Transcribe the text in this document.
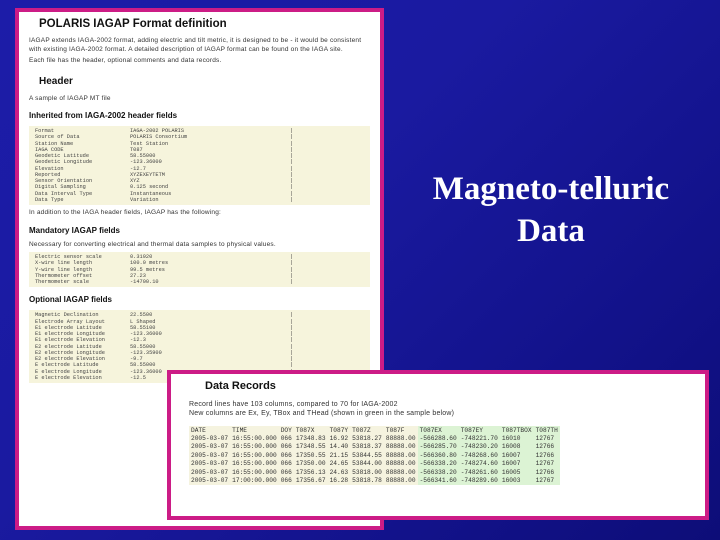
POLARIS IAGAP Format definition

IAGAP extends IAGA-2002 format, adding electric and tilt metric, it is designed to be - it would be consistent with existing IAGA-2002 format. A detailed description of IAGAP format can be found on the IAGA site.

Each file has the header, optional comments and data records.

Header

A sample of IAGAP MT file

Inherited from IAGA-2002 header fields
Format	IAGA-2002 POLARIS	|
Source of Data	POLARIS Consortium	|
Station Name	Test Station	|
IAGA CODE	T087	|
Geodetic Latitude	58.55000	|
Geodetic Longitude	-123.36000	|
Elevation	-12.7	|
Reported	XYZEXEYTETM	|
Sensor Orientation	XYZ	|
Digital Sampling	0.125 second	|
Data Interval Type	Instantaneous	|
Data Type	Variation	|

In addition to the IAGA header fields, IAGAP has the following:

Mandatory IAGAP fields

Necessary for converting electrical and thermal data samples to physical values.

Electric sensor scale	0.31920	|
X-wire line length	100.0 metres	|
Y-wire line length	99.5 metres	|
Thermometer offset	27.23	|
Thermometer scale	-14700.10	|
Optional IAGAP fields
Magnetic Declination	22.5500	|
Electrode Array Layout	L Shaped	|
E1 electrode Latitude	58.55100	|
E1 electrode Longitude	-123.36000	|
E1 electrode Elevation	-12.3	|
E2 electrode Latitude	58.55000	|
E2 electrode Longitude	-123.35900	|
E2 electrode Elevation	-9.7	|
E electrode Latitude	58.55000	|
E electrode Longitude	-123.36000
E electrode Elevation	-12.5
Data Records

Record lines have 103 columns, compared to 70 for IAGA-2002

New columns are Ex, Ey, TBox and THead (shown in green in the sample below)

DATE	TIME	DOY	T087X	T087Y	T087Z	T087F	T087EX	T087EY	T087TBOX	T087TH
2005-03-07	16:55:00.000	066	17348.83	16.92	53818.27	88888.00	-566288.60	-748221.70	16010	12767
2005-03-07	16:55:00.000	066	17348.55	14.40	53818.37	88888.00	-566285.70	-748230.20	16008	12766
2005-03-07	16:55:00.000	066	17350.55	21.15	53844.55	88888.00	-566360.80	-748268.60	16007	12766
2005-03-07	16:55:00.000	066	17350.00	24.65	53844.00	88888.00	-566338.20	-748274.60	16007	12767
2005-03-07	16:55:00.000	066	17356.13	24.63	53818.00	88888.00	-566338.20	-748261.60	16005	12766
2005-03-07	17:00:00.000	066	17356.67	16.28	53818.78	88888.00	-566341.60	-748289.60	16003	12767
Magneto-telluric
Data
